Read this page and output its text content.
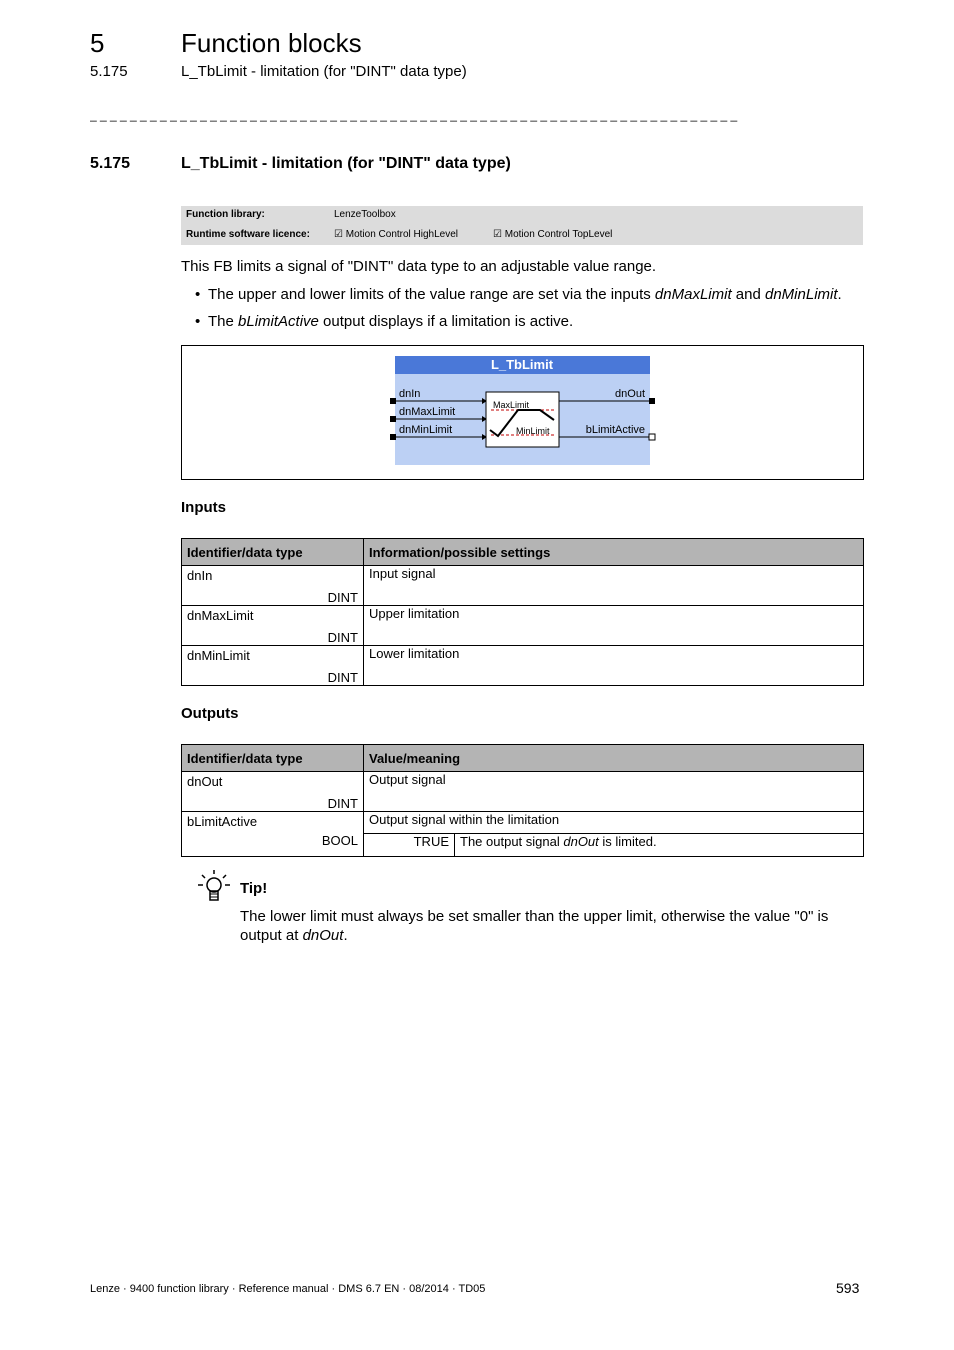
5	Function blocks
5.175	L_TbLimit - limitation (for "DINT" data type)
_ _ _ _ _ _ _ _ _ _ _ _ _ _ _ _ _ _ _ _ _ _ _ _ _ _ _ _ _ _ _ _ _ _ _ _ _ _ _ _ _ _ _ _ _ _ _ _ _ _ _ _ _ _ _ _ _ _ _ _ _ _ _ _ _
5.175	L_TbLimit - limitation (for "DINT" data type)
Function library:	LenzeToolbox
Runtime software licence: ☑ Motion Control HighLevel	☑ Motion Control TopLevel
This FB limits a signal of "DINT" data type to an adjustable value range.
• The upper and lower limits of the value range are set via the inputs dnMaxLimit and dnMinLimit.
• The bLimitActive output displays if a limitation is active.
L_TbLimit
dnIn
dnMaxLimit
dnMinLimit
dnOut
bLimitActive
MaxLimit
MinLimit
Inputs
Identifier/data type	Information/possible settings

dnIn
DINT	Input signal

dnMaxLimit
DINT	Upper limitation

dnMinLimit
DINT	Lower limitation
Outputs
Identifier/data type	Value/meaning	

dnOut
DINT	Output signal	

bLimitActive
BOOL	Output signal within the limitation	
	TRUE	The output signal dnOut is limited.
Tip!
The lower limit must always be set smaller than the upper limit, otherwise the value "0" is output at dnOut.
Lenze · 9400 function library · Reference manual · DMS 6.7 EN · 08/2014 · TD05	593
